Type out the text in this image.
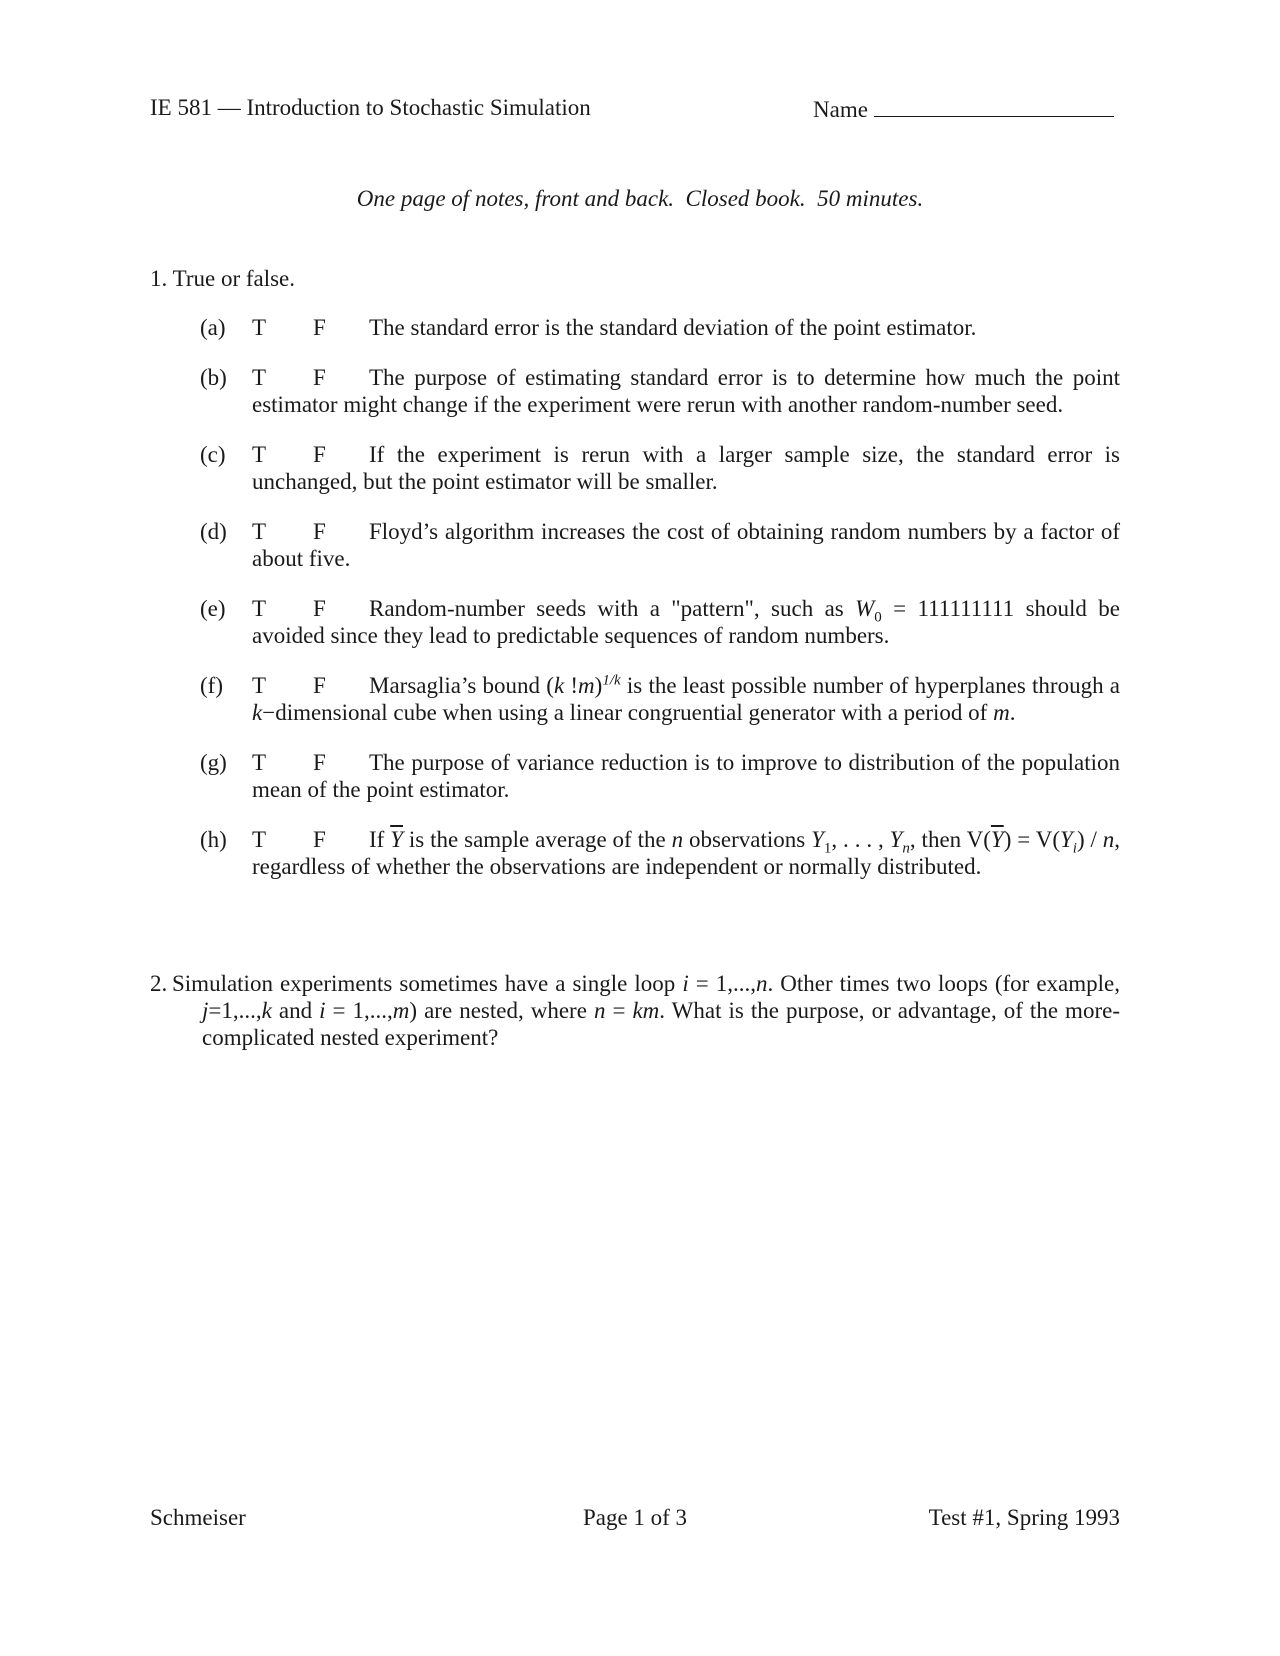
IE 581 — Introduction to Stochastic Simulation	Name
One page of notes, front and back.  Closed book.  50 minutes.
1. True or false.
(a) T F The standard error is the standard deviation of the point estimator.
(b) T F The purpose of estimating standard error is to determine how much the point estimator might change if the experiment were rerun with another random-number seed.
(c) T F If the experiment is rerun with a larger sample size, the standard error is unchanged, but the point estimator will be smaller.
(d) T F Floyd’s algorithm increases the cost of obtaining random numbers by a factor of about five.
(e) T F Random-number seeds with a "pattern", such as $W_0 = 111111111$ should be avoided since they lead to predictable sequences of random numbers.
(f) T F Marsaglia’s bound (k !m)$^{1/k}$ is the least possible number of hyperplanes through a k−dimensional cube when using a linear congruential generator with a period of m.
(g) T F The purpose of variance reduction is to improve to distribution of the population mean of the point estimator.
(h) T F If $\overline{Y}$ is the sample average of the n observations $Y_1$, . . . , $Y_n$, then $V(\overline{Y}) = V(Y_i) / n$, regardless of whether the observations are independent or normally distributed.
2. Simulation experiments sometimes have a single loop i = 1,...,n. Other times two loops (for example, j=1,...,k and i = 1,...,m) are nested, where n = km. What is the purpose, or advantage, of the more-complicated nested experiment?
Schmeiser	Page 1 of 3	Test #1, Spring 1993
